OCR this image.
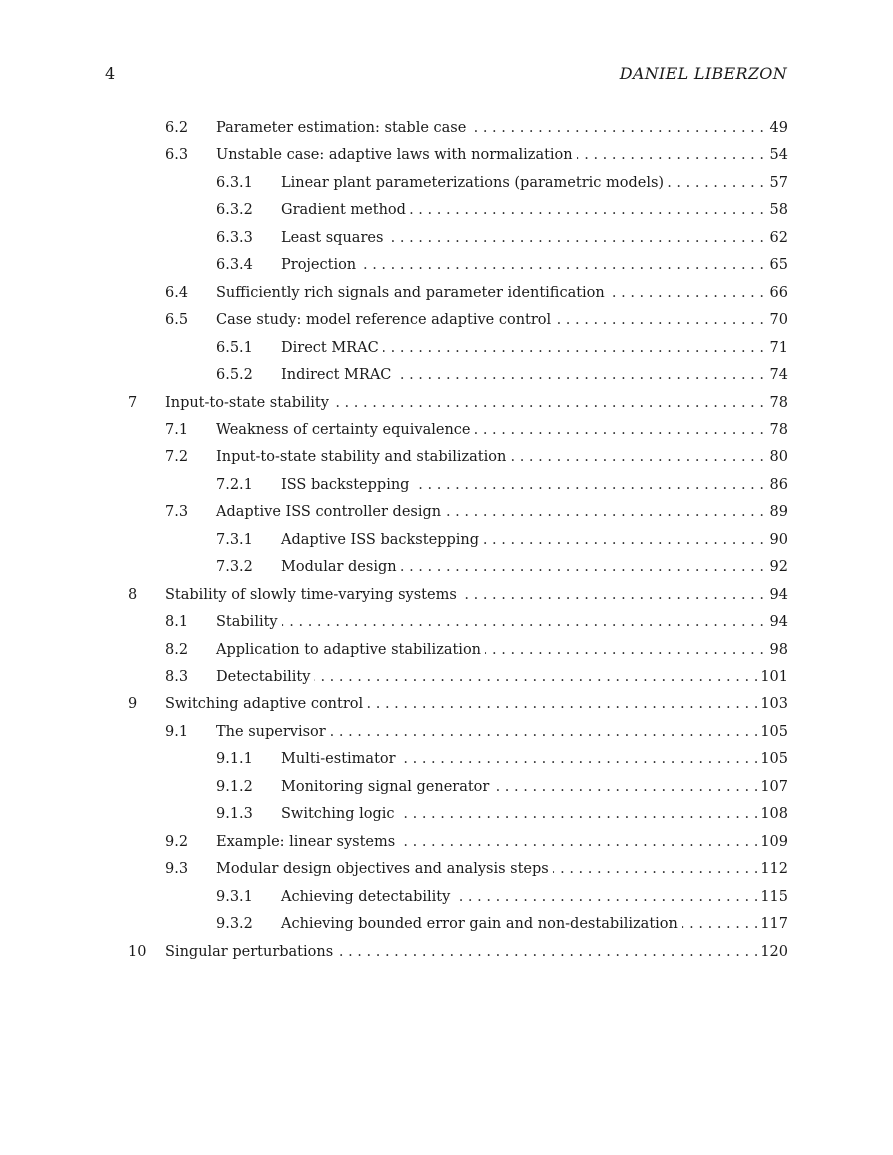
4	DANIEL LIBERZON
6.2 Parameter estimation: stable case . . .	49
6.3 Unstable case: adaptive laws with normalization . . .	54
6.3.1 Linear plant parameterizations (parametric models) . . .	57
6.3.2 Gradient method . . .	58
6.3.3 Least squares . . .	62
6.3.4 Projection . . .	65
6.4 Sufficiently rich signals and parameter identification . . .	66
6.5 Case study: model reference adaptive control . . .	70
6.5.1 Direct MRAC . . .	71
6.5.2 Indirect MRAC . . .	74
7 Input-to-state stability . . .	78
7.1 Weakness of certainty equivalence . . .	78
7.2 Input-to-state stability and stabilization . . .	80
7.2.1 ISS backstepping . . .	86
7.3 Adaptive ISS controller design . . .	89
7.3.1 Adaptive ISS backstepping . . .	90
7.3.2 Modular design . . .	92
8 Stability of slowly time-varying systems . . .	94
8.1 Stability . . .	94
8.2 Application to adaptive stabilization . . .	98
8.3 Detectability . . .	101
9 Switching adaptive control . . .	103
9.1 The supervisor . . .	105
9.1.1 Multi-estimator . . .	105
9.1.2 Monitoring signal generator . . .	107
9.1.3 Switching logic . . .	108
9.2 Example: linear systems . . .	109
9.3 Modular design objectives and analysis steps . . .	112
9.3.1 Achieving detectability . . .	115
9.3.2 Achieving bounded error gain and non-destabilization . . .	117
10 Singular perturbations . . .	120
